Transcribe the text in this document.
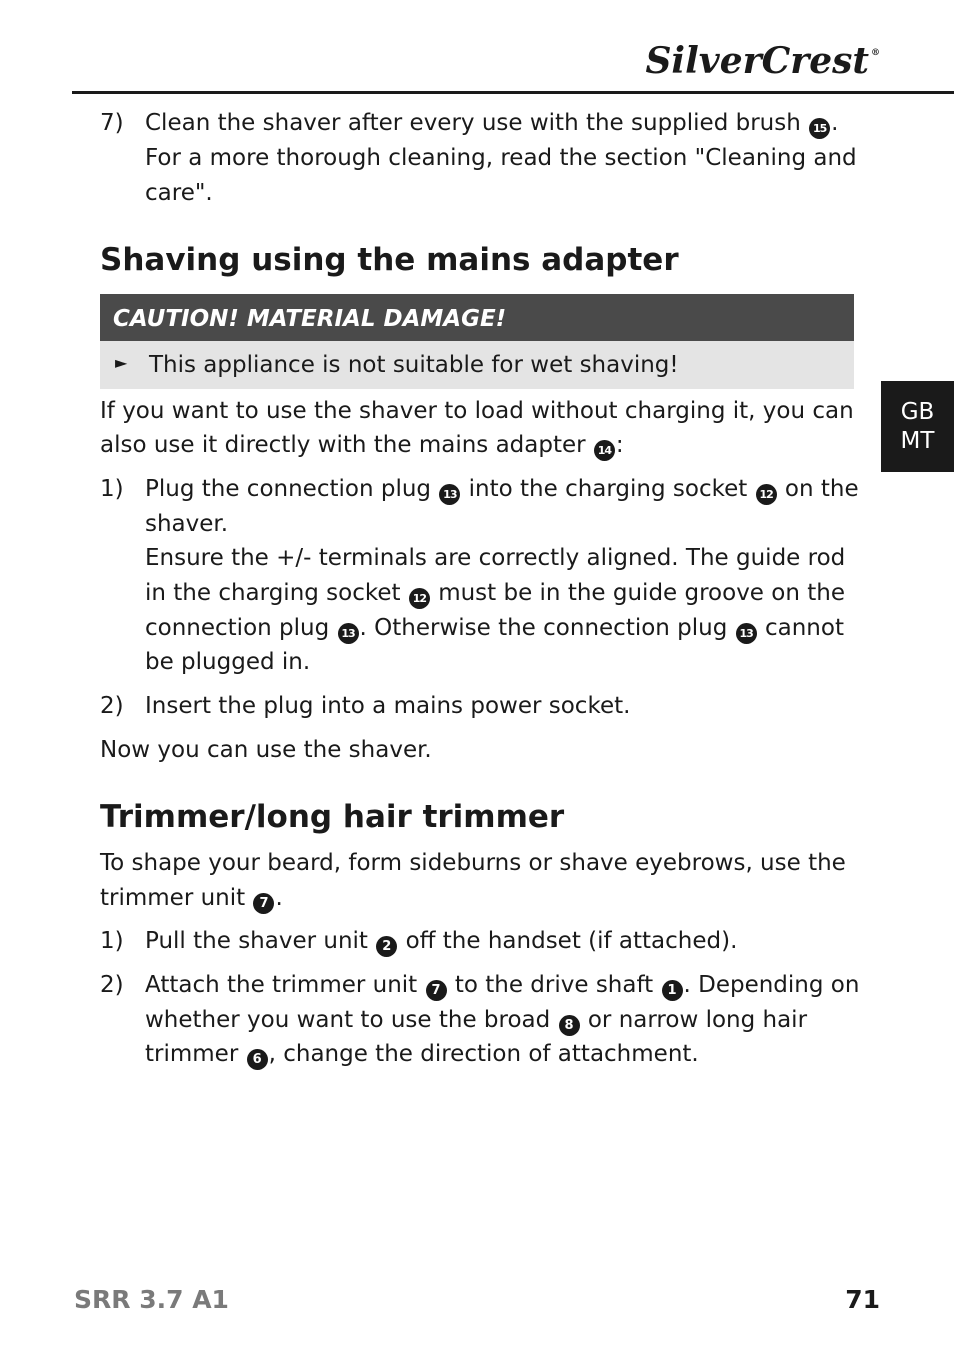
SilverCrest ®
GB
MT
7) Clean the shaver after every use with the supplied brush 15 .
For a more thorough cleaning, read the section "Cleaning and
care".
Shaving using the mains adapter
CAUTION! MATERIAL DAMAGE!
► This appliance is not suitable for wet shaving!
If you want to use the shaver to load without charging it, you can
also use it directly with the mains adapter 14 :
1) Plug the connection plug 13 into the charging socket 12 on the
shaver.
Ensure the +/- terminals are correctly aligned. The guide rod
in the charging socket 12 must be in the guide groove on the
connection plug 13 . Otherwise the connection plug 13 cannot
be plugged in.
2) Insert the plug into a mains power socket.
Now you can use the shaver.
Trimmer/long hair trimmer
To shape your beard, form sideburns or shave eyebrows, use the
trimmer unit 7 .
1) Pull the shaver unit 2 off the handset (if attached).
2) Attach the trimmer unit 7 to the drive shaft 1 . Depending on
whether you want to use the broad 8 or narrow long hair
trimmer 6 , change the direction of attachment.
SRR 3.7 A1	71
